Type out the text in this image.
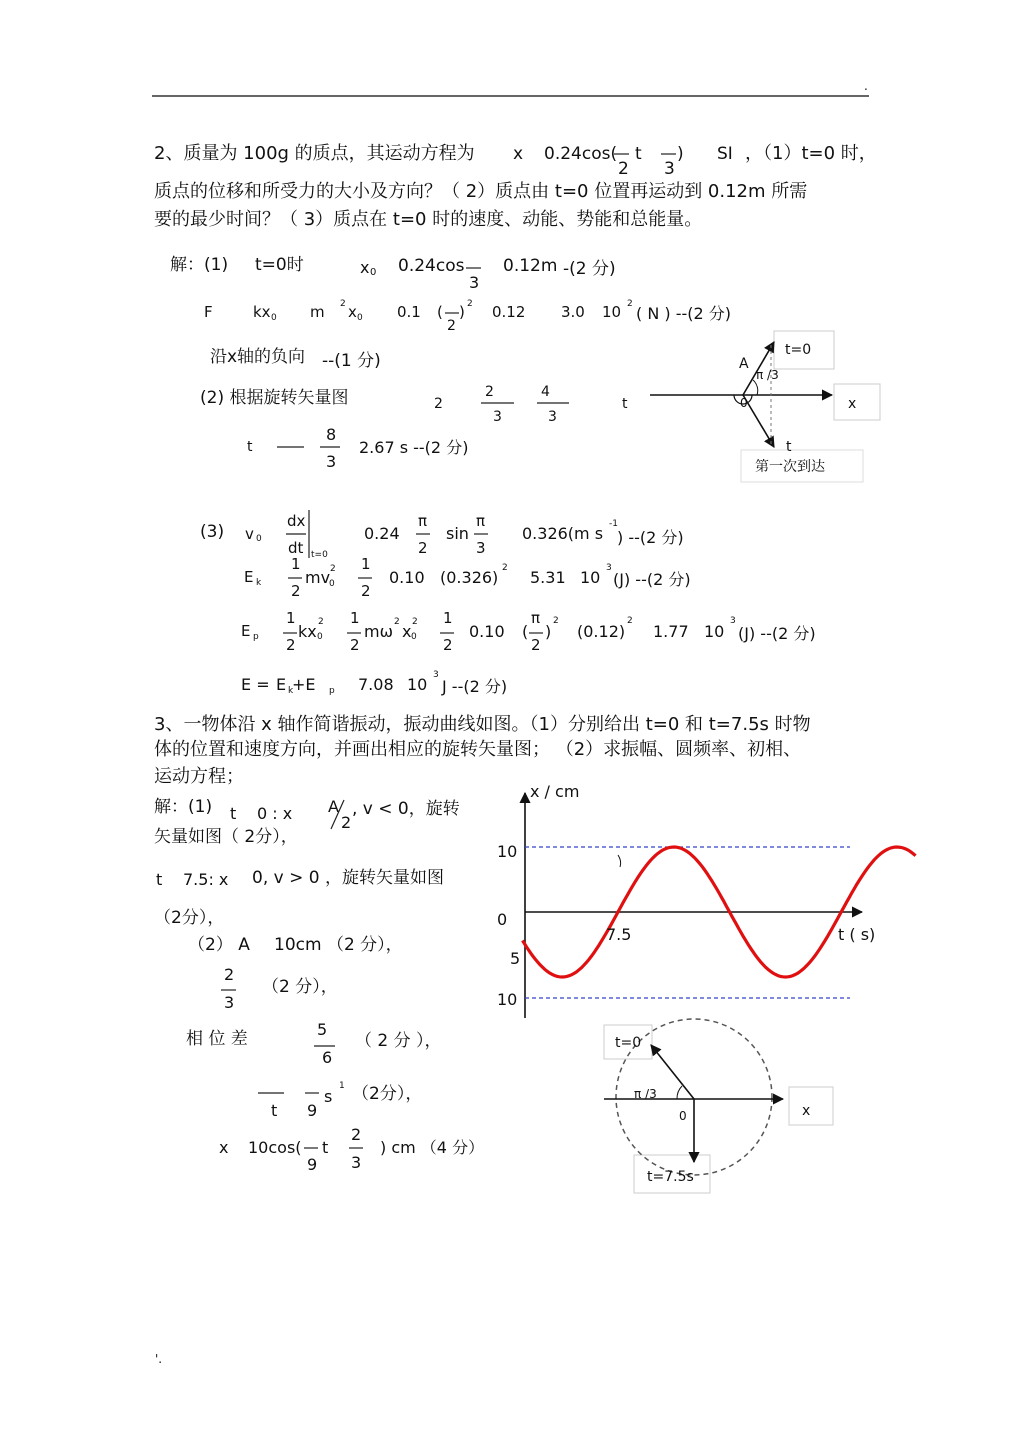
.
2、质量为 100g 的质点，其运动方程为 x 0.24cos(
2
t
3
) SI ，（1）t=0 时，
质点的位移和所受力的大小及方向？（ 2）质点由 t=0 位置再运动到 0.12m 所需
要的最少时间？（ 3）质点在 t=0 时的速度、动能、势能和总能量。
解：(1) t=0时	x 0 0.24cos
3
0.12m -(2 分)
F	kx 0 m 2 x 0 0.1 (
2
) 2 0.12 3.0 10 2 ( N ) --(2 分)
沿x轴的负向 --(1 分)
(2) 根据旋转矢量图	2
2
3
4
3
t
t
8
3
2.67 s --(2 分)
t=0
A
π /3
x
0
t
第一次到达
(3) v 0
dx
dt t=0
0.24
π
2
sin
π
3
0.326(m s -1
) --(2 分)
E k
1
2
mv 2
0
1
2
0.10 (0.326) 2 5.31 10 3
(J) --(2 分)
E p
1
2
kx 2
0
1
2
mω 2 x 2
0
1
2
0.10 (
π
2
)
2
(0.12)
2
1.77 10
3
(J) --(2 分)
E = E k
+E p 7.08 10 3
J --(2 分)
3、一物体沿 x 轴作简谐振动，振动曲线如图。（1）分别给出 t=0 和 t=7.5s 时物
体的位置和速度方向，并画出相应的旋转矢量图； （2）求振幅、圆频率、初相、
运动方程；
解：(1) t 0 : x A
2
, v < 0，旋转
矢量如图（ 2分），
t 7.5: x 0, v > 0 ，旋转矢量如图
（2分），
（2） A 10cm （2 分），
2
3
（2 分），
相 位 差	5
6
（ 2 分 ），
t 9
s
1 （2分），
x 10cos(
9
t
2
3
) cm （4 分）
x / cm
10
0
5
10
7.5	t ( s)
t=0
π /3
0	x
t=7.5s
'.
